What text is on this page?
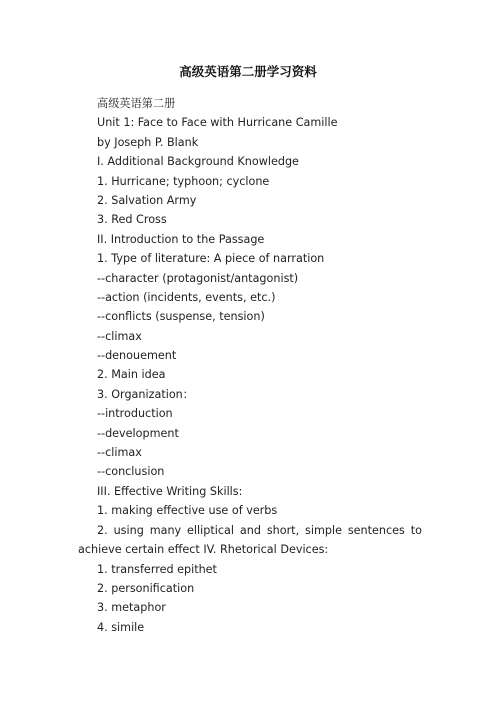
高级英语第二册学习资料
高级英语第二册
Unit 1: Face to Face with Hurricane Camille
by Joseph P. Blank
I. Additional Background Knowledge
1. Hurricane; typhoon; cyclone
2. Salvation Army
3. Red Cross
II. Introduction to the Passage
1. Type of literature: A piece of narration
--character (protagonist/antagonist)
--action (incidents, events, etc.)
--conflicts (suspense, tension)
--climax
--denouement
2. Main idea
3. Organization：
--introduction
--development
--climax
--conclusion
III. Effective Writing Skills:
1. making effective use of verbs
2. using many elliptical and short, simple sentences to achieve certain effect IV. Rhetorical Devices:
1. transferred epithet
2. personification
3. metaphor
4. simile
